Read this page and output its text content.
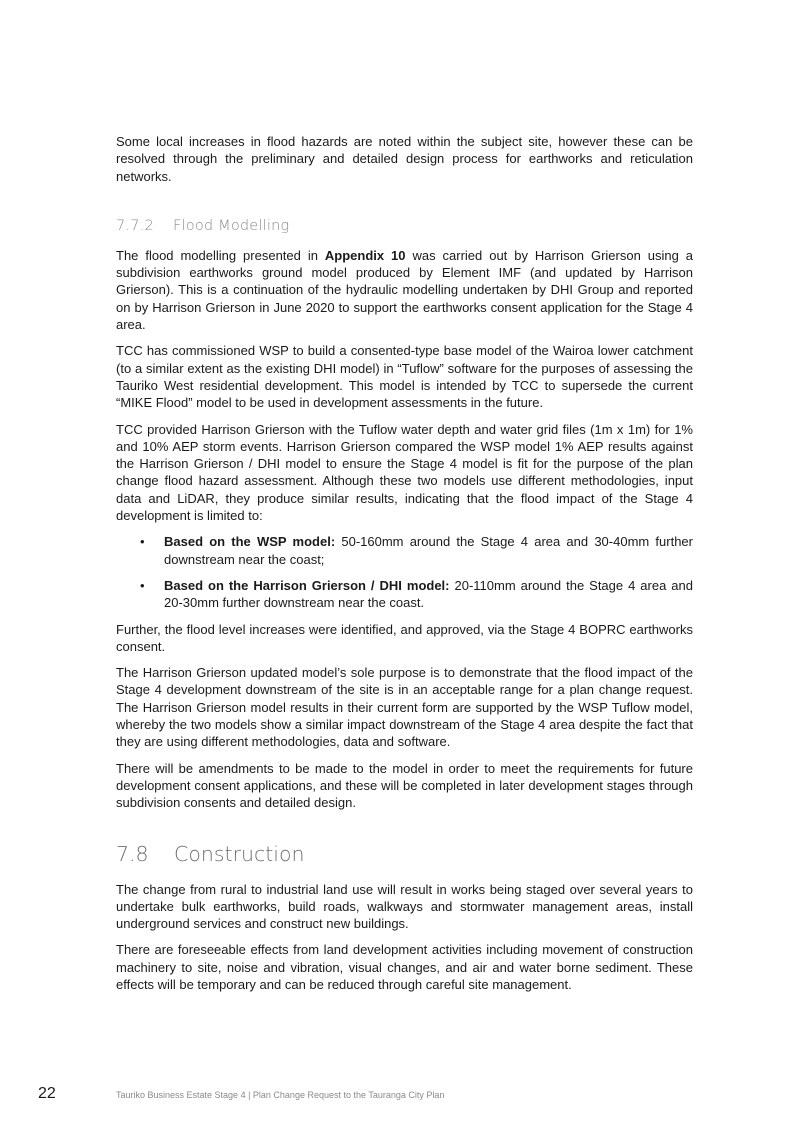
Some local increases in flood hazards are noted within the subject site, however these can be resolved through the preliminary and detailed design process for earthworks and reticulation networks.

7.7.2 Flood Modelling

The flood modelling presented in Appendix 10 was carried out by Harrison Grierson using a subdivision earthworks ground model produced by Element IMF (and updated by Harrison Grierson). This is a continuation of the hydraulic modelling undertaken by DHI Group and reported on by Harrison Grierson in June 2020 to support the earthworks consent application for the Stage 4 area.

TCC has commissioned WSP to build a consented-type base model of the Wairoa lower catchment (to a similar extent as the existing DHI model) in “Tuflow” software for the purposes of assessing the Tauriko West residential development. This model is intended by TCC to supersede the current “MIKE Flood” model to be used in development assessments in the future.

TCC provided Harrison Grierson with the Tuflow water depth and water grid files (1m x 1m) for 1% and 10% AEP storm events. Harrison Grierson compared the WSP model 1% AEP results against the Harrison Grierson / DHI model to ensure the Stage 4 model is fit for the purpose of the plan change flood hazard assessment. Although these two models use different methodologies, input data and LiDAR, they produce similar results, indicating that the flood impact of the Stage 4 development is limited to:

• Based on the WSP model: 50-160mm around the Stage 4 area and 30-40mm further downstream near the coast;
• Based on the Harrison Grierson / DHI model: 20-110mm around the Stage 4 area and 20-30mm further downstream near the coast.

Further, the flood level increases were identified, and approved, via the Stage 4 BOPRC earthworks consent.

The Harrison Grierson updated model’s sole purpose is to demonstrate that the flood impact of the Stage 4 development downstream of the site is in an acceptable range for a plan change request. The Harrison Grierson model results in their current form are supported by the WSP Tuflow model, whereby the two models show a similar impact downstream of the Stage 4 area despite the fact that they are using different methodologies, data and software.

There will be amendments to be made to the model in order to meet the requirements for future development consent applications, and these will be completed in later development stages through subdivision consents and detailed design.

7.8 Construction

The change from rural to industrial land use will result in works being staged over several years to undertake bulk earthworks, build roads, walkways and stormwater management areas, install underground services and construct new buildings.

There are foreseeable effects from land development activities including movement of construction machinery to site, noise and vibration, visual changes, and air and water borne sediment. These effects will be temporary and can be reduced through careful site management.

22	Tauriko Business Estate Stage 4 | Plan Change Request to the Tauranga City Plan
